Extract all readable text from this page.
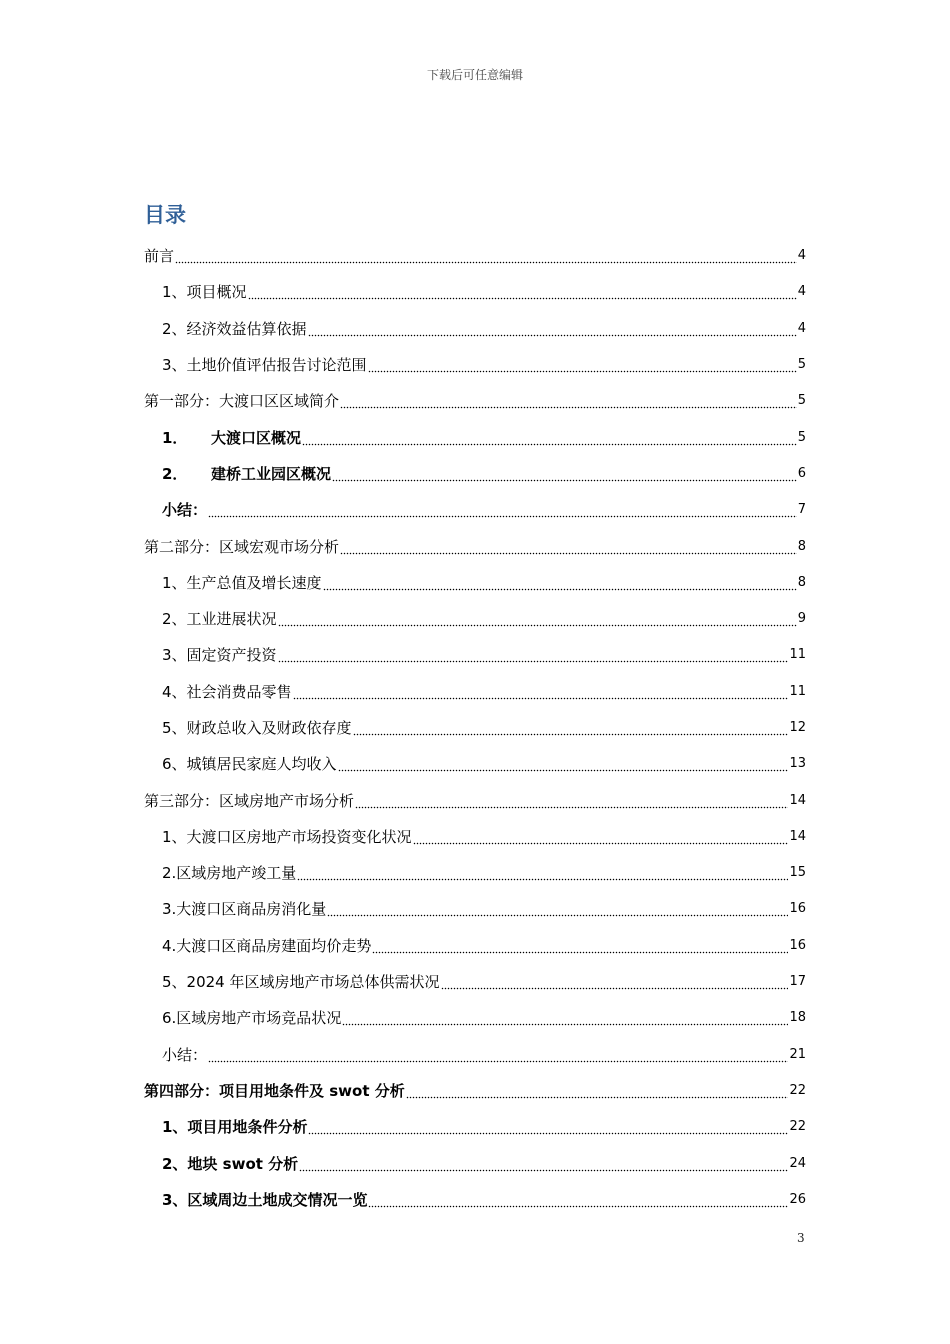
下载后可任意编辑
目录
前言	4
1、项目概况	4
2、经济效益估算依据	4
3、土地价值评估报告讨论范围	5
第一部分：大渡口区区域简介	5
1． 大渡口区概况	5
2． 建桥工业园区概况	6
小结：	7
第二部分：区域宏观市场分析	8
1、生产总值及增长速度	8
2、工业进展状况	9
3、固定资产投资	11
4、社会消费品零售	11
5、财政总收入及财政依存度	12
6、城镇居民家庭人均收入	13
第三部分：区域房地产市场分析	14
1、大渡口区房地产市场投资变化状况	14
2.区域房地产竣工量	15
3.大渡口区商品房消化量	16
4.大渡口区商品房建面均价走势	16
5、2024 年区域房地产市场总体供需状况	17
6.区域房地产市场竞品状况	18
小结：	21
第四部分：项目用地条件及 swot 分析	22
1、项目用地条件分析	22
2、地块 swot 分析	24
3、区域周边土地成交情况一览	26
3
